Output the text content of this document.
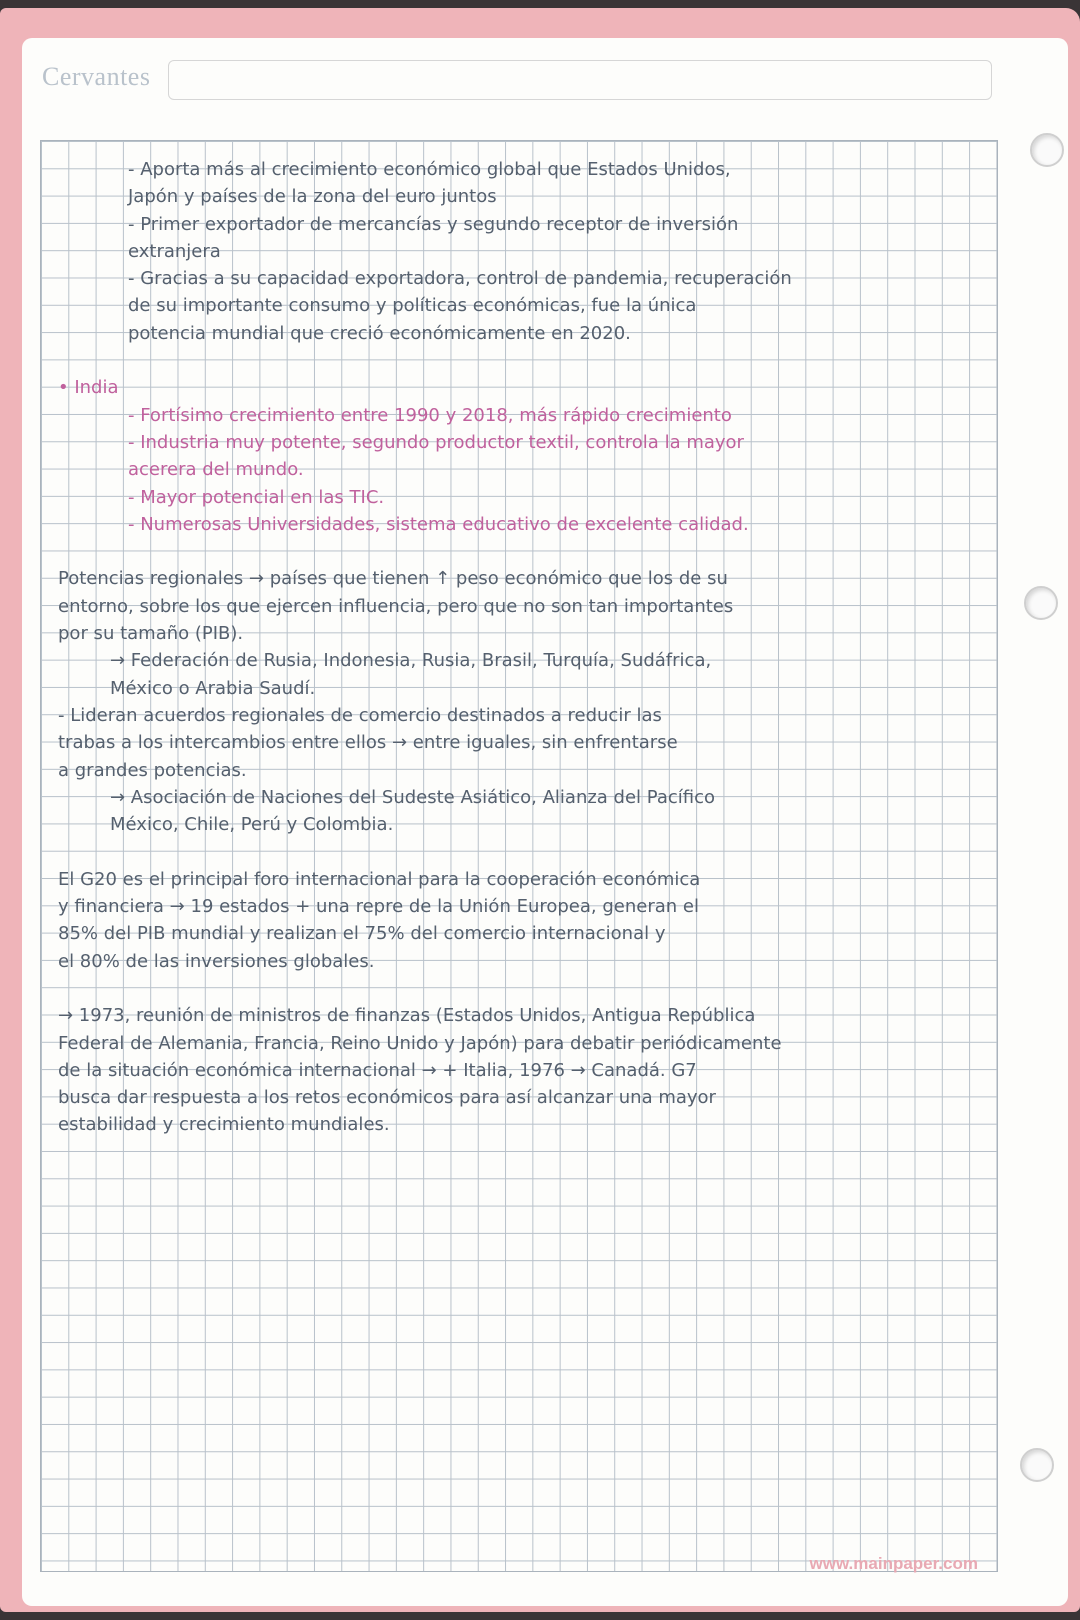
Cervantes

- Aporta más al crecimiento económico global que Estados Unidos,

Japón y países de la zona del euro juntos

- Primer exportador de mercancías y segundo receptor de inversión

extranjera

- Gracias a su capacidad exportadora, control de pandemia, recuperación

de su importante consumo y políticas económicas, fue la única

potencia mundial que creció económicamente en 2020.

• India

- Fortísimo crecimiento entre 1990 y 2018, más rápido crecimiento

- Industria muy potente, segundo productor textil, controla la mayor

acerera del mundo.

- Mayor potencial en las TIC.

- Numerosas Universidades, sistema educativo de excelente calidad.

Potencias regionales → países que tienen ↑ peso económico que los de su

entorno, sobre los que ejercen influencia, pero que no son tan importantes

por su tamaño (PIB).

→ Federación de Rusia, Indonesia, Rusia, Brasil, Turquía, Sudáfrica,

México o Arabia Saudí.

- Lideran acuerdos regionales de comercio destinados a reducir las

trabas a los intercambios entre ellos → entre iguales, sin enfrentarse

a grandes potencias.

→ Asociación de Naciones del Sudeste Asiático, Alianza del Pacífico

México, Chile, Perú y Colombia.

El G20 es el principal foro internacional para la cooperación económica

y financiera → 19 estados + una repre de la Unión Europea, generan el

85% del PIB mundial y realizan el 75% del comercio internacional y

el 80% de las inversiones globales.

→ 1973, reunión de ministros de finanzas (Estados Unidos, Antigua República

Federal de Alemania, Francia, Reino Unido y Japón) para debatir periódicamente

de la situación económica internacional → + Italia, 1976 → Canadá. G7

busca dar respuesta a los retos económicos para así alcanzar una mayor

estabilidad y crecimiento mundiales.

www.mainpaper.com
